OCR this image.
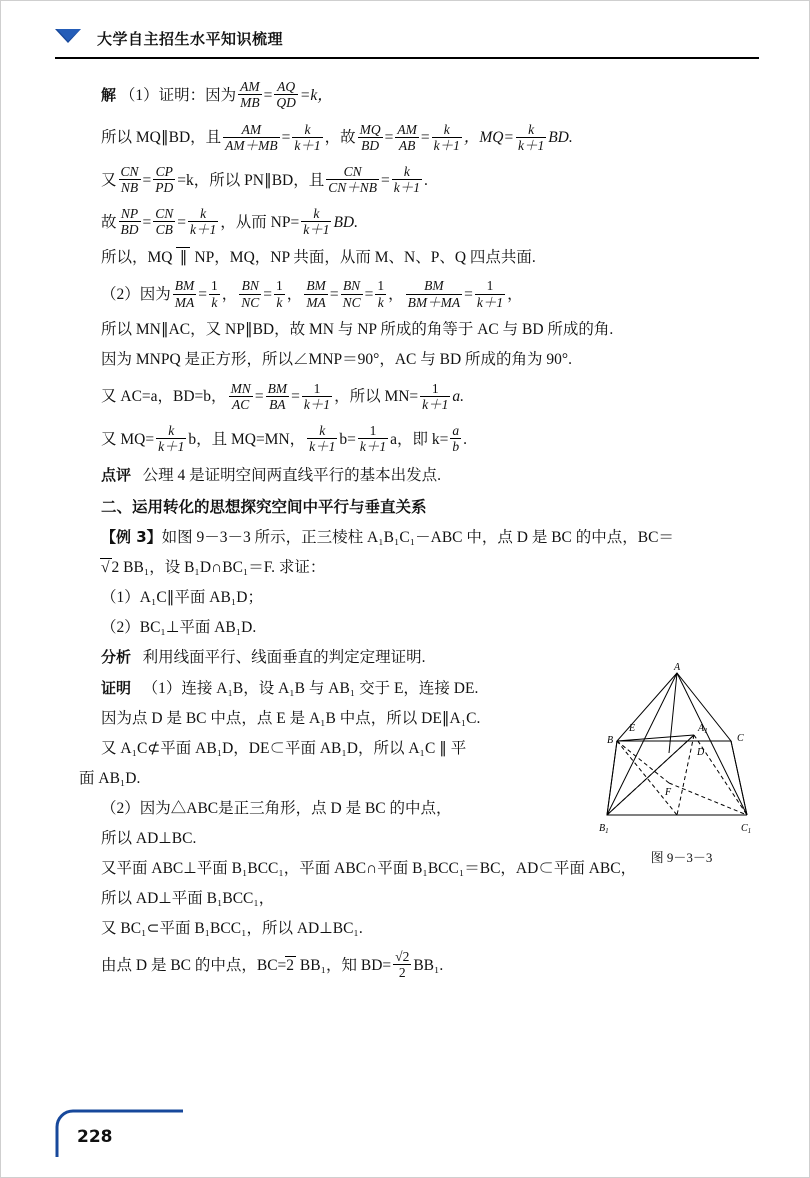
大学自主招生水平知识梳理

解 （1）证明：因为 $\frac{AM}{MB} = \frac{AQ}{QD} =k$，

所以 MQ∥BD，且 $\frac{AM}{AM+MB} = \frac{k}{k+1}$ ，故 $\frac{MQ}{BD} = \frac{AM}{AB} = \frac{k}{k+1}$ ，$MQ= \frac{k}{k+1}$ BD.

又 $\frac{CN}{NB} = \frac{CP}{PD} =k$，所以 PN∥BD，且 $\frac{CN}{CN+NB} = \frac{k}{k+1}$ .

故 $\frac{NP}{BD} = \frac{CN}{CB} = \frac{k}{k+1}$ ，从而 $NP= \frac{k}{k+1}$ BD.

所以，MQ ∥ NP，MQ，NP 共面，从而 M、N、P、Q 四点共面.

（2）因为 $\frac{BM}{MA} = \frac{1}{k}$ ， $\frac{BN}{NC} = \frac{1}{k}$ ， $\frac{BM}{MA} = \frac{BN}{NC} = \frac{1}{k}$ ， $\frac{BM}{BM+MA} = \frac{1}{k+1}$ ，

所以 MN∥AC，又 NP∥BD，故 MN 与 NP 所成的角等于 AC 与 BD 所成的角.

因为 MNPQ 是正方形，所以∠MNP＝90°，AC 与 BD 所成的角为 90°.

又 AC=a，BD=b， $\frac{MN}{AC} = \frac{BM}{BA} = \frac{1}{k+1}$ ，所以 $MN= \frac{1}{k+1} a$.

又 $MQ= \frac{k}{k+1}$ b，且 MQ=MN， $\frac{k}{k+1} b= \frac{1}{k+1}$ a，即 $k= \frac{a}{b}$ .

点评 公理 4 是证明空间两直线平行的基本出发点.

二、运用转化的思想探究空间中平行与垂直关系

【例 3】如图 9－3－3 所示，正三棱柱 A₁B₁C₁－ABC 中，点 D 是 BC 的中点，BC＝

√ 2 BB₁，设 B₁D∩BC₁＝F. 求证：

（1）A₁C∥平面 AB₁D；

（2）BC₁⊥平面 AB₁D.

分析 利用线面平行、线面垂直的判定定理证明.

证明 （1）连接 A₁B，设 A₁B 与 AB₁ 交于 E，连接 DE.

因为点 D 是 BC 中点，点 E 是 A₁B 中点，所以 DE∥A₁C.

又 A₁C⊄平面 AB₁D，DE⊂平面 AB₁D，所以 A₁C ∥ 平

面 AB₁D.

（2）因为△ABC是正三角形，点 D 是 BC 的中点，

所以 AD⊥BC.

又平面 ABC⊥平面 B₁BCC₁，平面 ABC∩平面 B₁BCC₁＝BC，AD⊂平面 ABC，

所以 AD⊥平面 B₁BCC₁，

又 BC₁⊂平面 B₁BCC₁，所以 AD⊥BC₁.

由点 D 是 BC 的中点，BC=2 BB₁，知 $BD= \frac{√2}{2} BB_1$.

A
E	$A_1$
B
D
C
F
$B_1$	$C_1$
图 9－3－3
228
